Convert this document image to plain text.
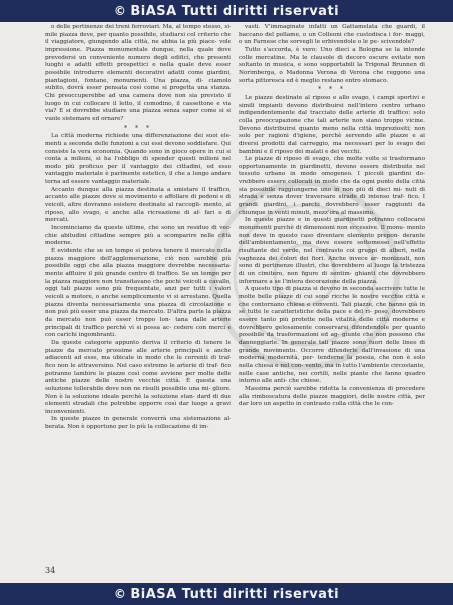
© BiASA Tutti diritti riservati

o delle pertinenze dei treni ferroviari. Ma, al tempo stesso, si- mile piazza deve, per quanto possibile, studiarsi col criterio che il viaggiatore, giungendo alla città, ne abbia la più piace- vole impressione. Piazza monumentale dunque, nella quale dove prevedersi un conveniente numero degli edifici, che presenti luoghi e adatti effetti prospettici e nella quale deve esser possibile introdurre elementi decorativi adatti come giardini, piantagioni, fontane, monumenti. Una piazza, di- ciamolo subito, dovrà esser pensata così come si progetta una stanza. Chi preoccuperebbe ad una camera dove non sia previsto il luogo in cui collocare il letto, il comodino, il cassettone e via via? E si dovrebbe studiare una piazza senza saper come si si vuole sistemare ed ornare?

* * *

La città moderna richiede una differenziazione dei suoi ele- menti a seconda delle funzioni a cui essi devono soddisfare. Qui consiste la vera economia. Quando sono in gioco opere in cui si conta a milioni, si ha l'obbligo di spender questi milioni nel modo più proficuo per il vantaggio dei cittadini, ed esso vantaggio materiale è parimente estetico, il che a lungo andare torna ad essere vantaggio materiale.

Accanto dunque alla piazza destinata a smistare il traffico, accanto alle piazze dove si movimento e affollare di pedoni e di veicoli, altre dovranno esistere destinate al raccogli- mento, al riposo, allo svago, e anche alla ricreazione di af- fari e di mercati.

Incominciamo da queste ultime, che sono un residuo di vec- chie abitudini cittadine sempre più a scomparire nelle città moderne.

È evidente che se un tempo si poteva tenere il mercato nella piazza maggiore dell'agglomerazione, ciò non sarebbe più possibile oggi che alla piazza maggiore dovrebbe necessaria- mente affluire il più grande centro di traffico. Se un tempo per la piazza maggiore non transitavano che pochi veicoli a cavallo, oggi tali piazze sono più frequentate, anzi per tutti i valori veicoli a motore, o anche semplicemente vi si arrestano. Quella piazza diventa necessariamente una piazza di circolazione e non può più esser una piazza da mercato. D'altra parte la piazza da mercato non può esser troppo lon- tana dalle arterie principali di traffico perchè vi si possa ac- cedere con merci e con carichi ingombranti.

Da queste categorie appunto deriva il criterio di tenere le piazze da mercato prossime alle arterie principali e anche adiacenti ad esse, ma ubicate in modo che le correnti di traf- fico non le attraversino. Nel caso estremo le arterie di traf- fico potranno lambire le piazze così come avviene per molte delle antiche piazze delle nostre vecchie città. È questa una soluzione tollerabile dove non ne risulti possibile una mi- gliore. Non è la soluzione ideale perchè la soluzione stan- dard di due elementi stradali che potrebbe opporre così dar luogo a gravi inconvenienti.

In queste piazze in generale converrà una sistemazione al- berata. Non è opportuno per lo più la collocazione di im-

vasti. V'immaginate infatti un Gattamelata che guardi, il baccano del pollame, o un Colleoni che custodisca i for- maggi, o un Farnese che sorvegli le erbivendole o le pe- scivendole?

Tutto s'accorda, è vero: Uno dieci a Bologna se la intende colle mercatine. Ma le clausole di decoro oscure evitate non soltanto in musica, e sono sopportabili la Trigonal Brunnen di Norimberga, o Madonna Verona di Verona che reggono una sorta pittoresca ed è meglio restano entro stomaco.

* * *

Le piazze destinate al riposo e allo svago, i campi sportivi e simili impianti devono distribuirsi nell'intero centro urbano indipendentemente dal tracciato delle arterie di traffico: solo colla preoccupazione che tali arterie non siano troppo vicine. Devono distribuirsi quanto meno nella città impreziositi; non solo per ragioni d'igiene, perchè servendo alle piazze e ai diversi prodotti dal carreggio, ma necessari per lo svago dei bambini e il riposo dei malati e dei vecchi.

Le piazze di riposo di svago, che molte volte si trasformano opportunamente in giardinetti, devono essere distribuite nel tessuto urbano in modo omogeneo. I piccoli giardini do- vrebbero essere collocati in modo che da ogni punto della città sia possibile raggiungerne uno in non più di dieci mi- nuti di strada e senza dover traversare strade di intenso traf- fico. I grandi giardini, i parchi dovrebbero esser raggiunti da chiunque in venti minuti, mezz'ora al massimo.

In queste piazze e in questi giardinetti potranno collocarsi monumenti purchè di dimensioni non eccessive. Il monu- mento non deve in questo caso diventare elemento prepon- derante dell'ambientamento, ma deve essere sottomesso nell'effetto risultante del verde, nel contrasto coi gruppi di alberi, nella vaghezza dei colori dei fiori. Anche invece ar- monizzati, non sono di pertinenze illustri, che dovrebbero al luogo la tristezza di un cimitero, non figure di sentim- ghianti che dovrebbero informare a se l'intera decorazione della piazza.

A questo tipo di piazza si devono in seconda ascrivere tutte le molte belle piazze di cui sono ricche le nostre vecchie città e che contornano chiese e conventi. Tali piazze, che hanno già in sè tutte le caratteristiche della pace e del ri- poso, dovrebbero essere tanto più protette nella vitalità delle città moderne e dovrebbero gelosamente conservarsi difendendole per quanto possibile da trasformazioni ed ag- giunte che non possono che danneggiarle. In generale tali piazze sono fuori delle linee di grande movimento. Occorre difenderle dall'invasione di una moderna modernità, per- tenderne la poesia, che non è solo nella chiesa e nel con- vento, ma in tutto l'ambiente circostante, nelle case antiche, nei cortili, nelle piante che fanno quadro intorno alle anti- che chiese.

Massima perciò sarebbe ridotta la convenienza di procedere alla rimboscatura delle piazze maggiori, delle nostre città, per dar loro un aspetto in contrasto colla città che le con-

34
© BiASA Tutti diritti riservati
